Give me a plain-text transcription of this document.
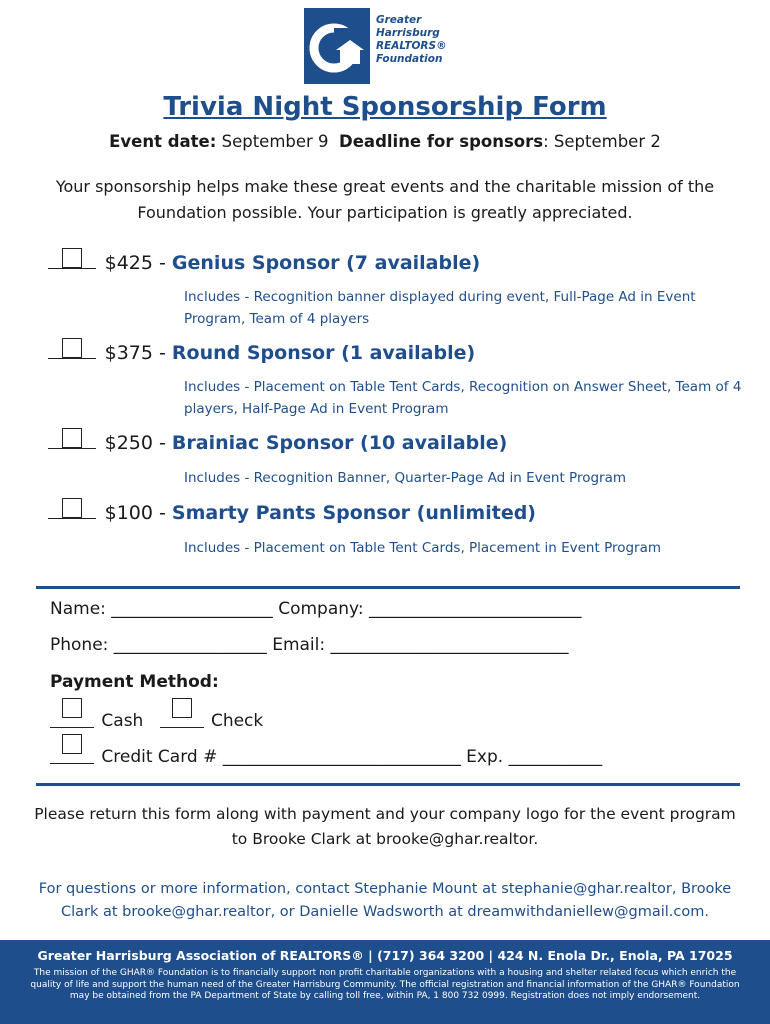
Greater
Harrisburg
REALTORS®
Foundation
Trivia Night Sponsorship Form
Event date: September 9 Deadline for sponsors: September 2
Your sponsorship helps make these great events and the charitable mission of the Foundation possible. Your participation is greatly appreciated.
$425 - Genius Sponsor (7 available)
Includes - Recognition banner displayed during event, Full-Page Ad in Event Program, Team of 4 players
$375 - Round Sponsor (1 available)
Includes - Placement on Table Tent Cards, Recognition on Answer Sheet, Team of 4 players, Half-Page Ad in Event Program
$250 - Brainiac Sponsor (10 available)
Includes - Recognition Banner, Quarter-Page Ad in Event Program
$100 - Smarty Pants Sponsor (unlimited)
Includes - Placement on Table Tent Cards, Placement in Event Program
Name: ___________________ Company: _________________________
Phone: __________________ Email: ____________________________
Payment Method:
Cash	Check
Credit Card # ____________________________ Exp. ___________
Please return this form along with payment and your company logo for the event program to Brooke Clark at brooke@ghar.realtor.
For questions or more information, contact Stephanie Mount at stephanie@ghar.realtor, Brooke Clark at brooke@ghar.realtor, or Danielle Wadsworth at dreamwithdaniellew@gmail.com.
Greater Harrisburg Association of REALTORS® | (717) 364 3200 | 424 N. Enola Dr., Enola, PA 17025
The mission of the GHAR® Foundation is to financially support non profit charitable organizations with a housing and shelter related focus which enrich the quality of life and support the human need of the Greater Harrisburg Community. The official registration and financial information of the GHAR® Foundation may be obtained from the PA Department of State by calling toll free, within PA, 1 800 732 0999. Registration does not imply endorsement.
